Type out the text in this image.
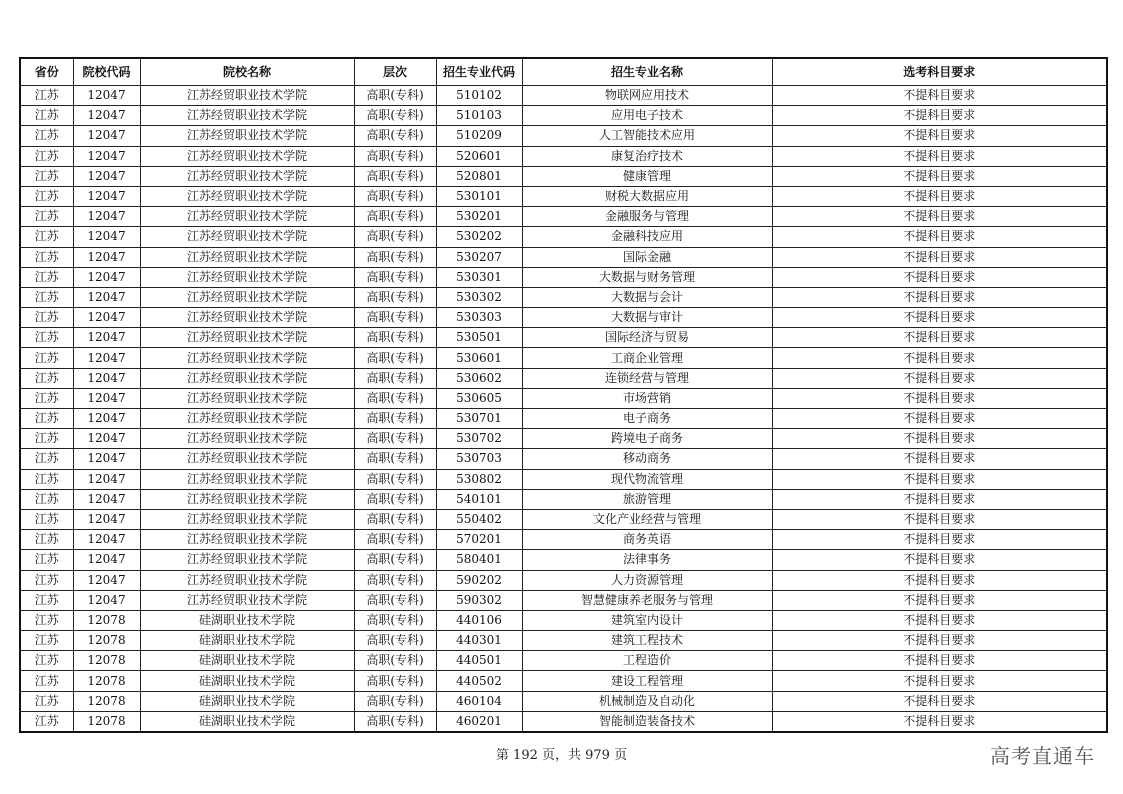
省份	院校代码	院校名称	层次	招生专业代码	招生专业名称	选考科目要求
江苏	12047	江苏经贸职业技术学院	高职(专科)	510102	物联网应用技术	不提科目要求
江苏	12047	江苏经贸职业技术学院	高职(专科)	510103	应用电子技术	不提科目要求
江苏	12047	江苏经贸职业技术学院	高职(专科)	510209	人工智能技术应用	不提科目要求
江苏	12047	江苏经贸职业技术学院	高职(专科)	520601	康复治疗技术	不提科目要求
江苏	12047	江苏经贸职业技术学院	高职(专科)	520801	健康管理	不提科目要求
江苏	12047	江苏经贸职业技术学院	高职(专科)	530101	财税大数据应用	不提科目要求
江苏	12047	江苏经贸职业技术学院	高职(专科)	530201	金融服务与管理	不提科目要求
江苏	12047	江苏经贸职业技术学院	高职(专科)	530202	金融科技应用	不提科目要求
江苏	12047	江苏经贸职业技术学院	高职(专科)	530207	国际金融	不提科目要求
江苏	12047	江苏经贸职业技术学院	高职(专科)	530301	大数据与财务管理	不提科目要求
江苏	12047	江苏经贸职业技术学院	高职(专科)	530302	大数据与会计	不提科目要求
江苏	12047	江苏经贸职业技术学院	高职(专科)	530303	大数据与审计	不提科目要求
江苏	12047	江苏经贸职业技术学院	高职(专科)	530501	国际经济与贸易	不提科目要求
江苏	12047	江苏经贸职业技术学院	高职(专科)	530601	工商企业管理	不提科目要求
江苏	12047	江苏经贸职业技术学院	高职(专科)	530602	连锁经营与管理	不提科目要求
江苏	12047	江苏经贸职业技术学院	高职(专科)	530605	市场营销	不提科目要求
江苏	12047	江苏经贸职业技术学院	高职(专科)	530701	电子商务	不提科目要求
江苏	12047	江苏经贸职业技术学院	高职(专科)	530702	跨境电子商务	不提科目要求
江苏	12047	江苏经贸职业技术学院	高职(专科)	530703	移动商务	不提科目要求
江苏	12047	江苏经贸职业技术学院	高职(专科)	530802	现代物流管理	不提科目要求
江苏	12047	江苏经贸职业技术学院	高职(专科)	540101	旅游管理	不提科目要求
江苏	12047	江苏经贸职业技术学院	高职(专科)	550402	文化产业经营与管理	不提科目要求
江苏	12047	江苏经贸职业技术学院	高职(专科)	570201	商务英语	不提科目要求
江苏	12047	江苏经贸职业技术学院	高职(专科)	580401	法律事务	不提科目要求
江苏	12047	江苏经贸职业技术学院	高职(专科)	590202	人力资源管理	不提科目要求
江苏	12047	江苏经贸职业技术学院	高职(专科)	590302	智慧健康养老服务与管理	不提科目要求
江苏	12078	硅湖职业技术学院	高职(专科)	440106	建筑室内设计	不提科目要求
江苏	12078	硅湖职业技术学院	高职(专科)	440301	建筑工程技术	不提科目要求
江苏	12078	硅湖职业技术学院	高职(专科)	440501	工程造价	不提科目要求
江苏	12078	硅湖职业技术学院	高职(专科)	440502	建设工程管理	不提科目要求
江苏	12078	硅湖职业技术学院	高职(专科)	460104	机械制造及自动化	不提科目要求
江苏	12078	硅湖职业技术学院	高职(专科)	460201	智能制造装备技术	不提科目要求
第 192 页，共 979 页	高考直通车
